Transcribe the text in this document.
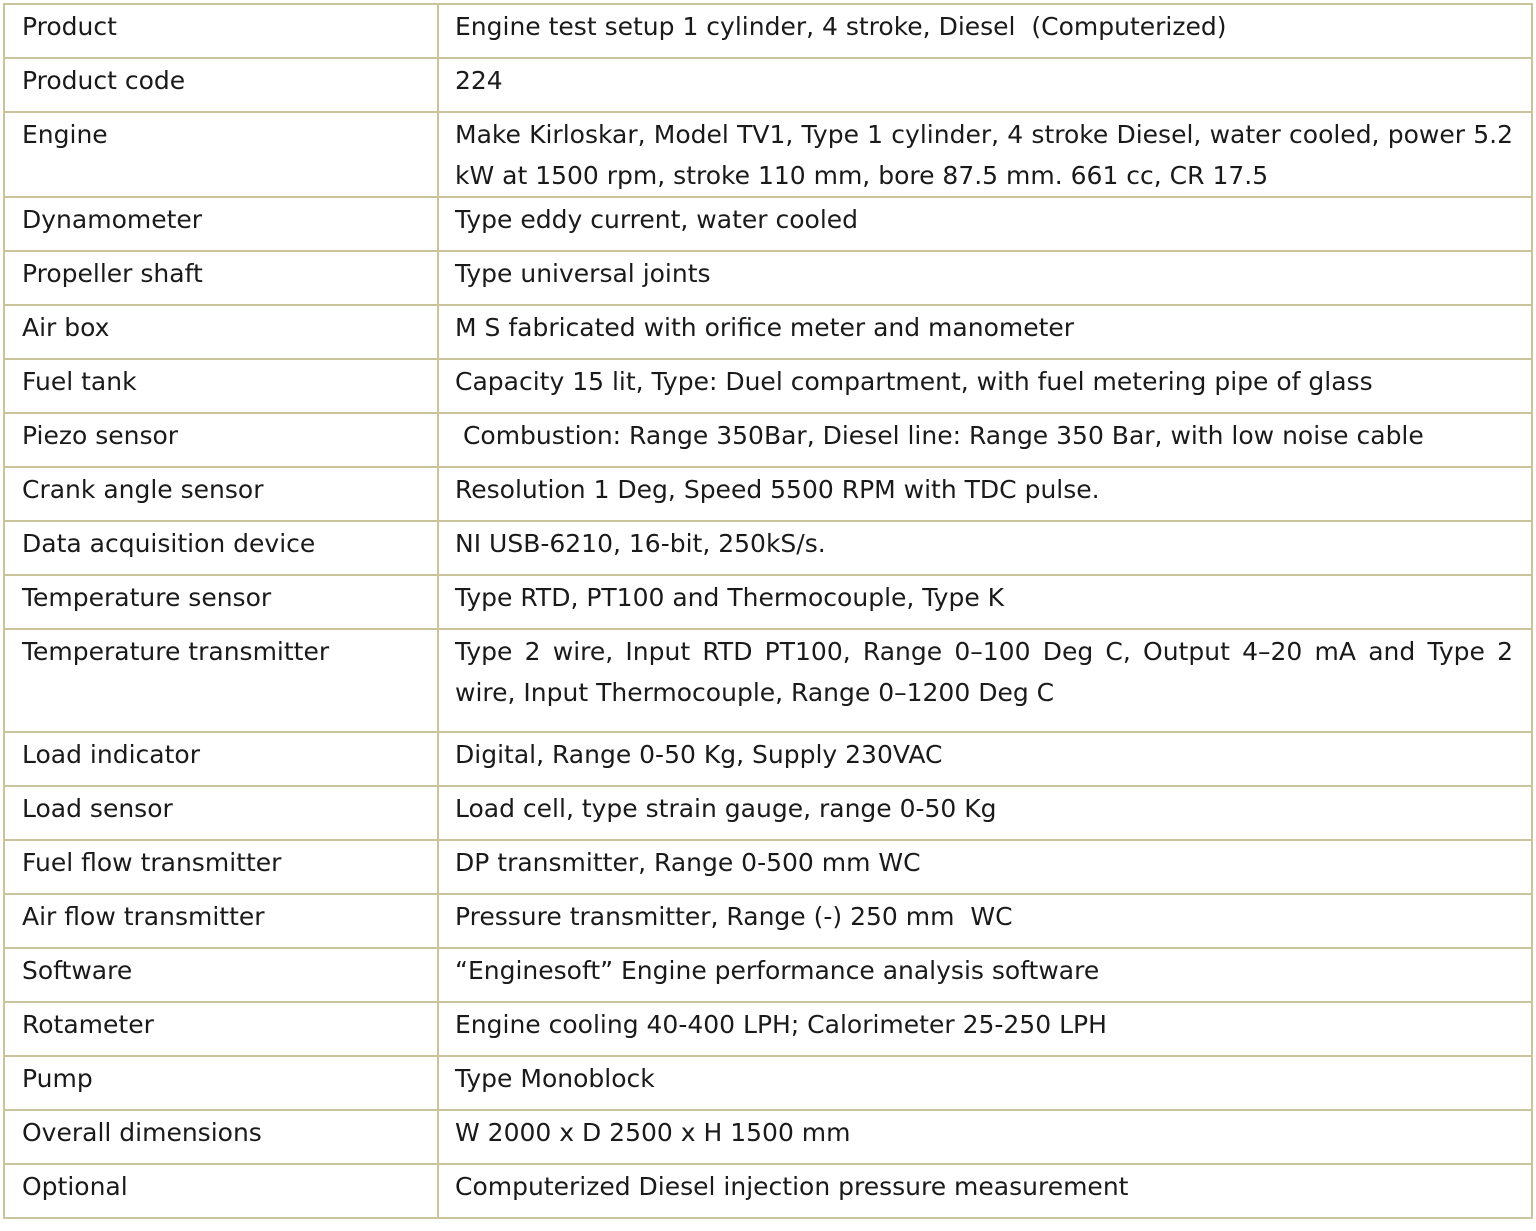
Product	Engine test setup 1 cylinder, 4 stroke, Diesel  (Computerized)
Product code	224
Engine	Make Kirloskar, Model TV1, Type 1 cylinder, 4 stroke Diesel, water cooled, power 5.2 kW at 1500 rpm, stroke 110 mm, bore 87.5 mm. 661 cc, CR 17.5
Dynamometer	Type eddy current, water cooled
Propeller shaft	Type universal joints
Air box	M S fabricated with orifice meter and manometer
Fuel tank	Capacity 15 lit, Type: Duel compartment, with fuel metering pipe of glass
Piezo sensor	Combustion: Range 350Bar, Diesel line: Range 350 Bar, with low noise cable
Crank angle sensor	Resolution 1 Deg, Speed 5500 RPM with TDC pulse.
Data acquisition device	NI USB-6210, 16-bit, 250kS/s.
Temperature sensor	Type RTD, PT100 and Thermocouple, Type K
Temperature transmitter	Type 2 wire, Input RTD PT100, Range 0–100 Deg C, Output 4–20 mA and Type 2 wire, Input Thermocouple, Range 0–1200 Deg C
Load indicator	Digital, Range 0-50 Kg, Supply 230VAC
Load sensor	Load cell, type strain gauge, range 0-50 Kg
Fuel flow transmitter	DP transmitter, Range 0-500 mm WC
Air flow transmitter	Pressure transmitter, Range (-) 250 mm  WC
Software	“Enginesoft” Engine performance analysis software
Rotameter	Engine cooling 40-400 LPH; Calorimeter 25-250 LPH
Pump	Type Monoblock
Overall dimensions	W 2000 x D 2500 x H 1500 mm
Optional	Computerized Diesel injection pressure measurement
